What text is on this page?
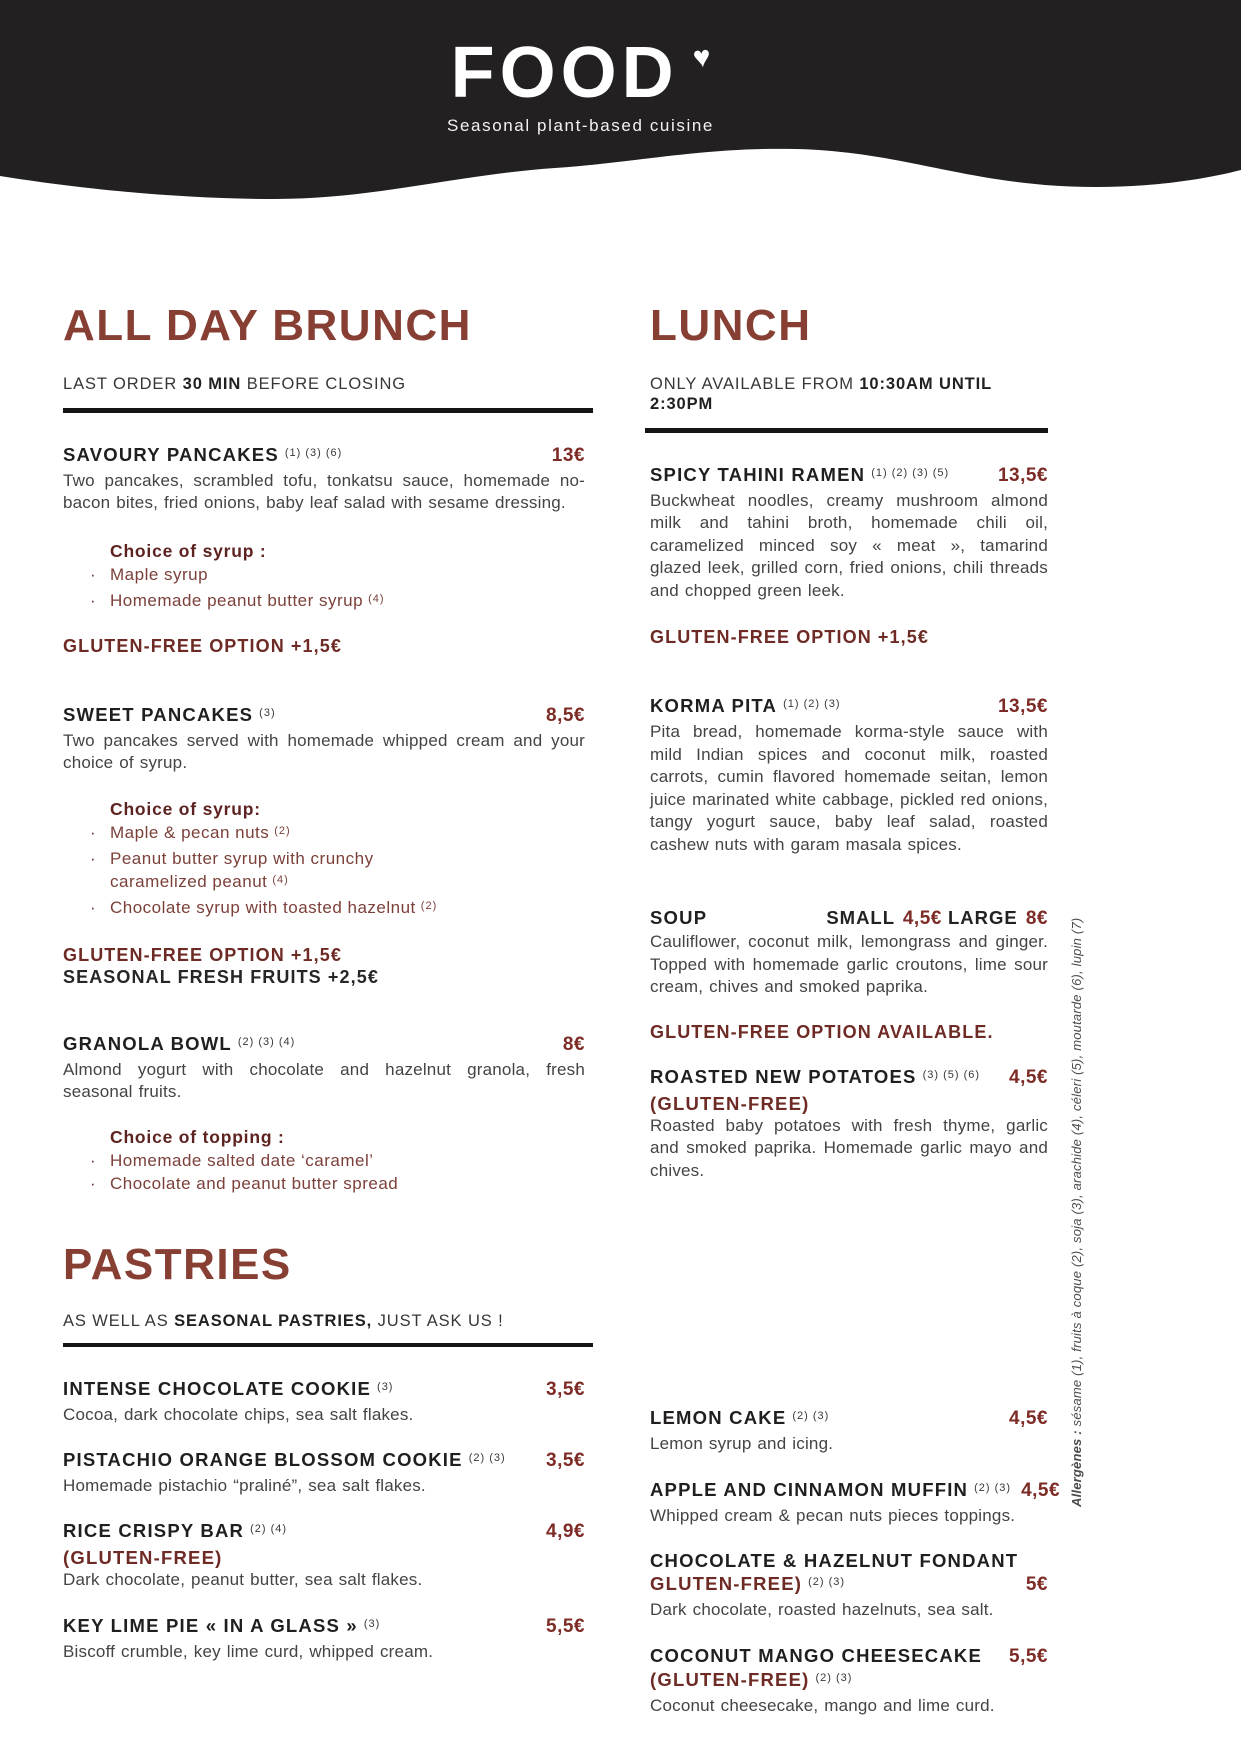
FOOD ♥
Seasonal plant-based cuisine
ALL DAY BRUNCH
LAST ORDER 30 MIN BEFORE CLOSING
SAVOURY PANCAKES $^{(1) (3) (6)}$	13€

Two pancakes, scrambled tofu, tonkatsu sauce, homemade no-bacon bites, fried onions, baby leaf salad with sesame dressing.

Choice of syrup :
· Maple syrup
· Homemade peanut butter syrup $^{(4)}$
GLUTEN-FREE OPTION +1,5€
SWEET PANCAKES $^{(3)}$	8,5€

Two pancakes served with homemade whipped cream and your choice of syrup.

Choice of syrup:
· Maple & pecan nuts $^{(2)}$
· Peanut butter syrup with crunchy caramelized peanut $^{(4)}$
· Chocolate syrup with toasted hazelnut $^{(2)}$
GLUTEN-FREE OPTION +1,5€
SEASONAL FRESH FRUITS +2,5€
GRANOLA BOWL $^{(2) (3) (4)}$	8€

Almond yogurt with chocolate and hazelnut granola, fresh seasonal fruits.

Choice of topping :
· Homemade salted date ‘caramel’
· Chocolate and peanut butter spread
PASTRIES
AS WELL AS SEASONAL PASTRIES, JUST ASK US !
INTENSE CHOCOLATE COOKIE $^{(3)}$	3,5€

Cocoa, dark chocolate chips, sea salt flakes.

PISTACHIO ORANGE BLOSSOM COOKIE $^{(2) (3)}$ 3,5€

Homemade pistachio “praliné”, sea salt flakes.

RICE CRISPY BAR $^{(2) (4)}$	4,9€
(GLUTEN-FREE)

Dark chocolate, peanut butter, sea salt flakes.

KEY LIME PIE « IN A GLASS » $^{(3)}$	5,5€

Biscoff crumble, key lime curd, whipped cream.

LUNCH
ONLY AVAILABLE FROM 10:30AM UNTIL 2:30PM
SPICY TAHINI RAMEN $^{(1) (2) (3) (5)}$	13,5€

Buckwheat noodles, creamy mushroom almond milk and tahini broth, homemade chili oil, caramelized minced soy « meat », tamarind glazed leek, grilled corn, fried onions, chili threads and chopped green leek.

GLUTEN-FREE OPTION +1,5€
KORMA PITA $^{(1) (2) (3)}$	13,5€

Pita bread, homemade korma-style sauce with mild Indian spices and coconut milk, roasted carrots, cumin flavored homemade seitan, lemon juice marinated white cabbage, pickled red onions, tangy yogurt sauce, baby leaf salad, roasted cashew nuts with garam masala spices.

SOUP	SMALL 4,5€ LARGE 8€

Cauliflower, coconut milk, lemongrass and ginger. Topped with homemade garlic croutons, lime sour cream, chives and smoked paprika.

GLUTEN-FREE OPTION AVAILABLE.
ROASTED NEW POTATOES $^{(3) (5) (6)}$ 4,5€
(GLUTEN-FREE)

Roasted baby potatoes with fresh thyme, garlic and smoked paprika. Homemade garlic mayo and chives.

LEMON CAKE $^{(2) (3)}$	4,5€

Lemon syrup and icing.

APPLE AND CINNAMON MUFFIN $^{(2) (3)}$ 4,5€

Whipped cream & pecan nuts pieces toppings.

CHOCOLATE & HAZELNUT FONDANT
GLUTEN-FREE) $^{(2) (3)}$	5€

Dark chocolate, roasted hazelnuts, sea salt.

COCONUT MANGO CHEESECAKE 5,5€
(GLUTEN-FREE) $^{(2) (3)}$

Coconut cheesecake, mango and lime curd.

Allergènes : sésame (1), fruits à coque (2), soja (3), arachide (4), céleri (5), moutarde (6), lupin (7)
